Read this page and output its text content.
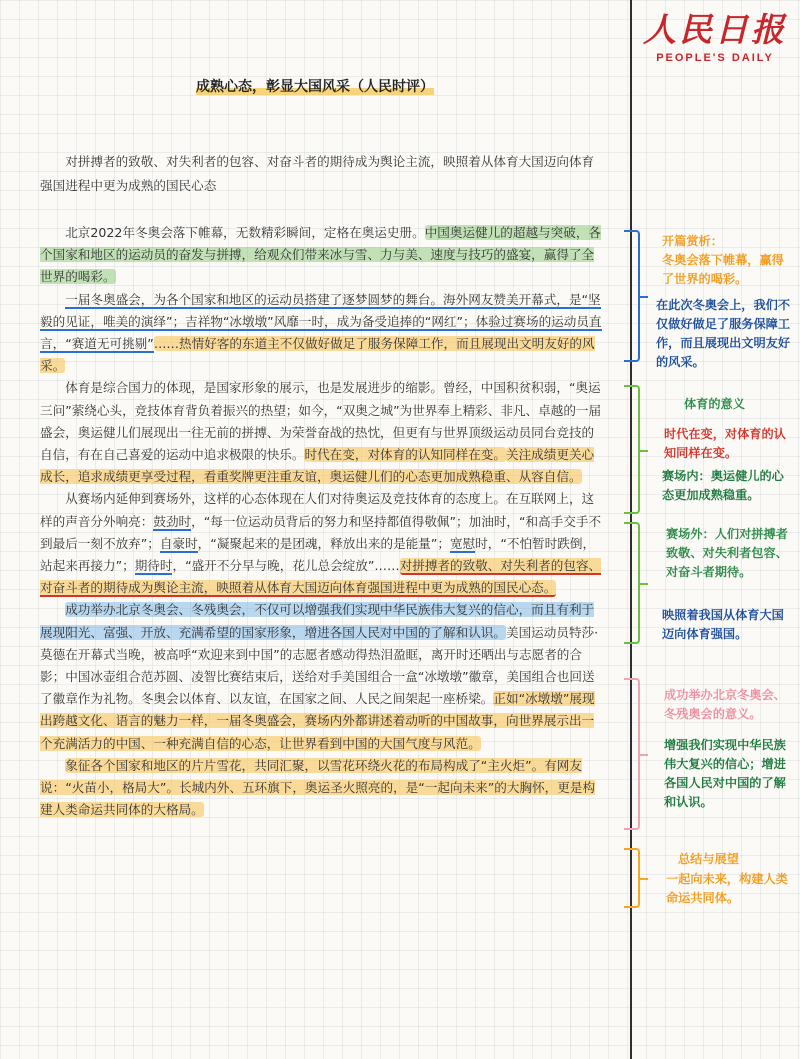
人民日报
PEOPLE'S DAILY
成熟心态，彰显大国风采（人民时评）
对拼搏者的致敬、对失利者的包容、对奋斗者的期待成为舆论主流，映照着从体育大国迈向体育强国进程中更为成熟的国民心态

北京2022年冬奥会落下帷幕，无数精彩瞬间，定格在奥运史册。中国奥运健儿的超越与突破，各个国家和地区的运动员的奋发与拼搏，给观众们带来冰与雪、力与美、速度与技巧的盛宴，赢得了全世界的喝彩。

一届冬奥盛会，为各个国家和地区的运动员搭建了逐梦圆梦的舞台。海外网友赞美开幕式，是“坚毅的见证，唯美的演绎”；吉祥物“冰墩墩”风靡一时，成为备受追捧的“网红”；体验过赛场的运动员直言，“赛道无可挑剔”……热情好客的东道主不仅做好做足了服务保障工作，而且展现出文明友好的风采。

体育是综合国力的体现，是国家形象的展示，也是发展进步的缩影。曾经，中国积贫积弱，“奥运三问”萦绕心头，竞技体育背负着振兴的热望；如今，“双奥之城”为世界奉上精彩、非凡、卓越的一届盛会，奥运健儿们展现出一往无前的拼搏、为荣誉奋战的热忱，但更有与世界顶级运动员同台竞技的自信，有在自己喜爱的运动中追求极限的快乐。时代在变，对体育的认知同样在变。关注成绩更关心成长，追求成绩更享受过程，看重奖牌更注重友谊，奥运健儿们的心态更加成熟稳重、从容自信。

从赛场内延伸到赛场外，这样的心态体现在人们对待奥运及竞技体育的态度上。在互联网上，这样的声音分外响亮：鼓劲时，“每一位运动员背后的努力和坚持都值得敬佩”；加油时，“和高手交手不到最后一刻不放弃”；自豪时，“凝聚起来的是团魂，释放出来的是能量”；宽慰时，“不怕暂时跌倒，站起来再接力”；期待时，“盛开不分早与晚，花儿总会绽放”……对拼搏者的致敬、对失利者的包容、对奋斗者的期待成为舆论主流，映照着从体育大国迈向体育强国进程中更为成熟的国民心态。

成功举办北京冬奥会、冬残奥会，不仅可以增强我们实现中华民族伟大复兴的信心，而且有利于展现阳光、富强、开放、充满希望的国家形象，增进各国人民对中国的了解和认识。美国运动员特莎·莫德在开幕式当晚，被高呼“欢迎来到中国”的志愿者感动得热泪盈眶，离开时还晒出与志愿者的合影；中国冰壶组合范苏圆、凌智比赛结束后，送给对手美国组合一盒“冰墩墩”徽章，美国组合也回送了徽章作为礼物。冬奥会以体育、以友谊，在国家之间、人民之间架起一座桥梁。正如“冰墩墩”展现出跨越文化、语言的魅力一样，一届冬奥盛会，赛场内外都讲述着动听的中国故事，向世界展示出一个充满活力的中国、一种充满自信的心态，让世界看到中国的大国气度与风范。

象征各个国家和地区的片片雪花，共同汇聚，以雪花环绕火花的布局构成了“主火炬”。有网友说：“火苗小，格局大”。长城内外、五环旗下，奥运圣火照亮的，是“一起向未来”的大胸怀，更是构建人类命运共同体的大格局。

开篇赏析：
冬奥会落下帷幕，赢得了世界的喝彩。
在此次冬奥会上，我们不仅做好做足了服务保障工作，而且展现出文明友好的风采。
体育的意义
时代在变，对体育的认知同样在变。
赛场内：奥运健儿的心态更加成熟稳重。
赛场外：人们对拼搏者致敬、对失利者包容、对奋斗者期待。
映照着我国从体育大国迈向体育强国。
成功举办北京冬奥会、冬残奥会的意义。
增强我们实现中华民族伟大复兴的信心；增进各国人民对中国的了解和认识。
总结与展望
一起向未来，构建人类命运共同体。
